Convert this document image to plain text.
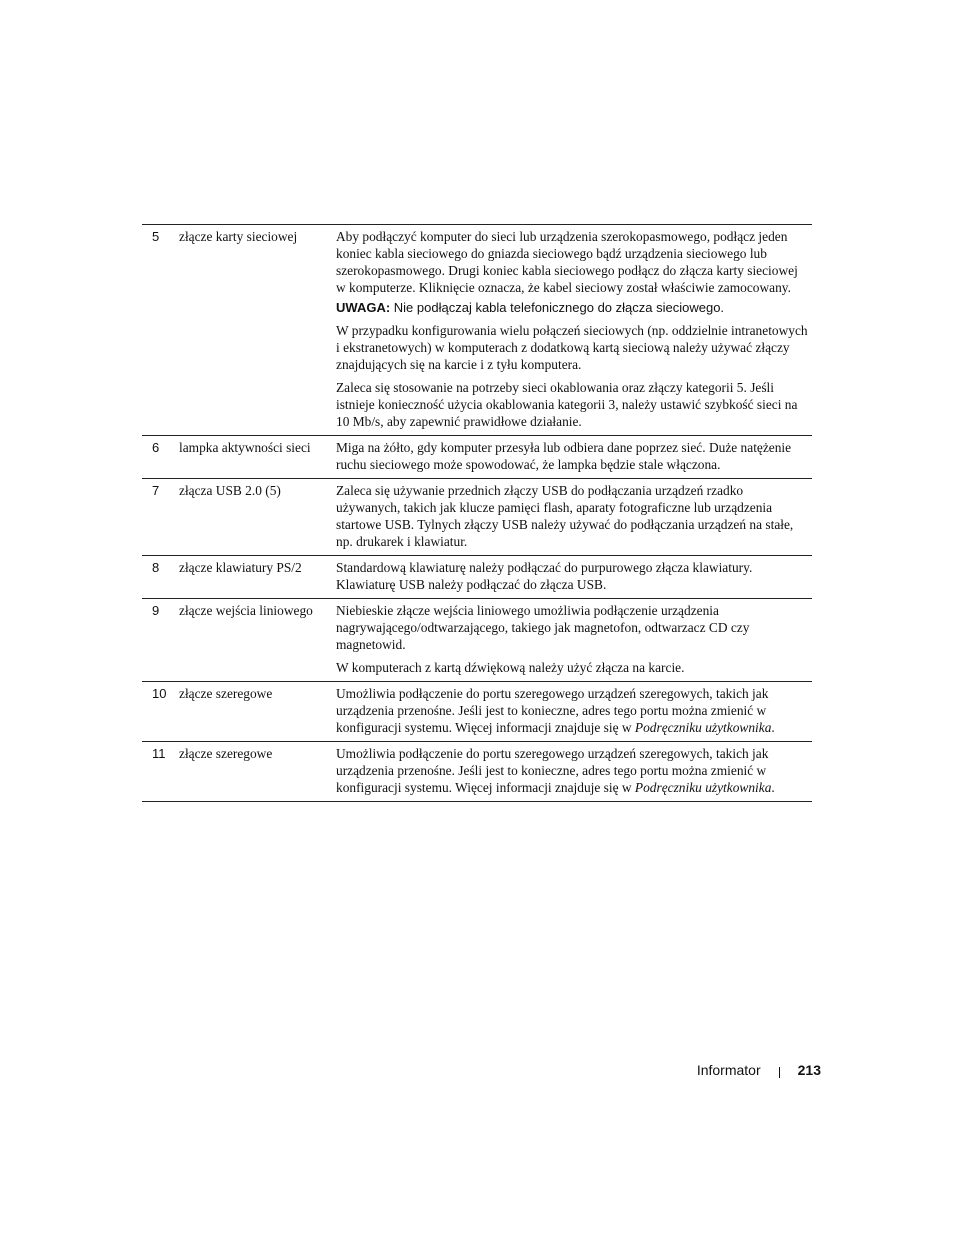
5	złącze karty sieciowej	Aby podłączyć komputer do sieci lub urządzenia szerokopasmowego, podłącz jeden koniec kabla sieciowego do gniazda sieciowego bądź urządzenia sieciowego lub szerokopasmowego. Drugi koniec kabla sieciowego podłącz do złącza karty sieciowej w komputerze. Kliknięcie oznacza, że kabel sieciowy został właściwie zamocowany.

UWAGA: Nie podłączaj kabla telefonicznego do złącza sieciowego.

W przypadku konfigurowania wielu połączeń sieciowych (np. oddzielnie intranetowych i ekstranetowych) w komputerach z dodatkową kartą sieciową należy używać złączy znajdujących się na karcie i z tyłu komputera.

Zaleca się stosowanie na potrzeby sieci okablowania oraz złączy kategorii 5. Jeśli istnieje konieczność użycia okablowania kategorii 3, należy ustawić szybkość sieci na 10 Mb/s, aby zapewnić prawidłowe działanie.

6	lampka aktywności sieci	Miga na żółto, gdy komputer przesyła lub odbiera dane poprzez sieć. Duże natężenie ruchu sieciowego może spowodować, że lampka będzie stale włączona.

7	złącza USB 2.0 (5)	Zaleca się używanie przednich złączy USB do podłączania urządzeń rzadko używanych, takich jak klucze pamięci flash, aparaty fotograficzne lub urządzenia startowe USB. Tylnych złączy USB należy używać do podłączania urządzeń na stałe, np. drukarek i klawiatur.

8	złącze klawiatury PS/2	Standardową klawiaturę należy podłączać do purpurowego złącza klawiatury. Klawiaturę USB należy podłączać do złącza USB.

9	złącze wejścia liniowego	Niebieskie złącze wejścia liniowego umożliwia podłączenie urządzenia nagrywającego/odtwarzającego, takiego jak magnetofon, odtwarzacz CD czy magnetowid.

W komputerach z kartą dźwiękową należy użyć złącza na karcie.

10 złącze szeregowe	Umożliwia podłączenie do portu szeregowego urządzeń szeregowych, takich jak urządzenia przenośne. Jeśli jest to konieczne, adres tego portu można zmienić w konfiguracji systemu. Więcej informacji znajduje się w Podręczniku użytkownika.

11	złącze szeregowe	Umożliwia podłączenie do portu szeregowego urządzeń szeregowych, takich jak urządzenia przenośne. Jeśli jest to konieczne, adres tego portu można zmienić w konfiguracji systemu. Więcej informacji znajduje się w Podręczniku użytkownika.

Informator	213
